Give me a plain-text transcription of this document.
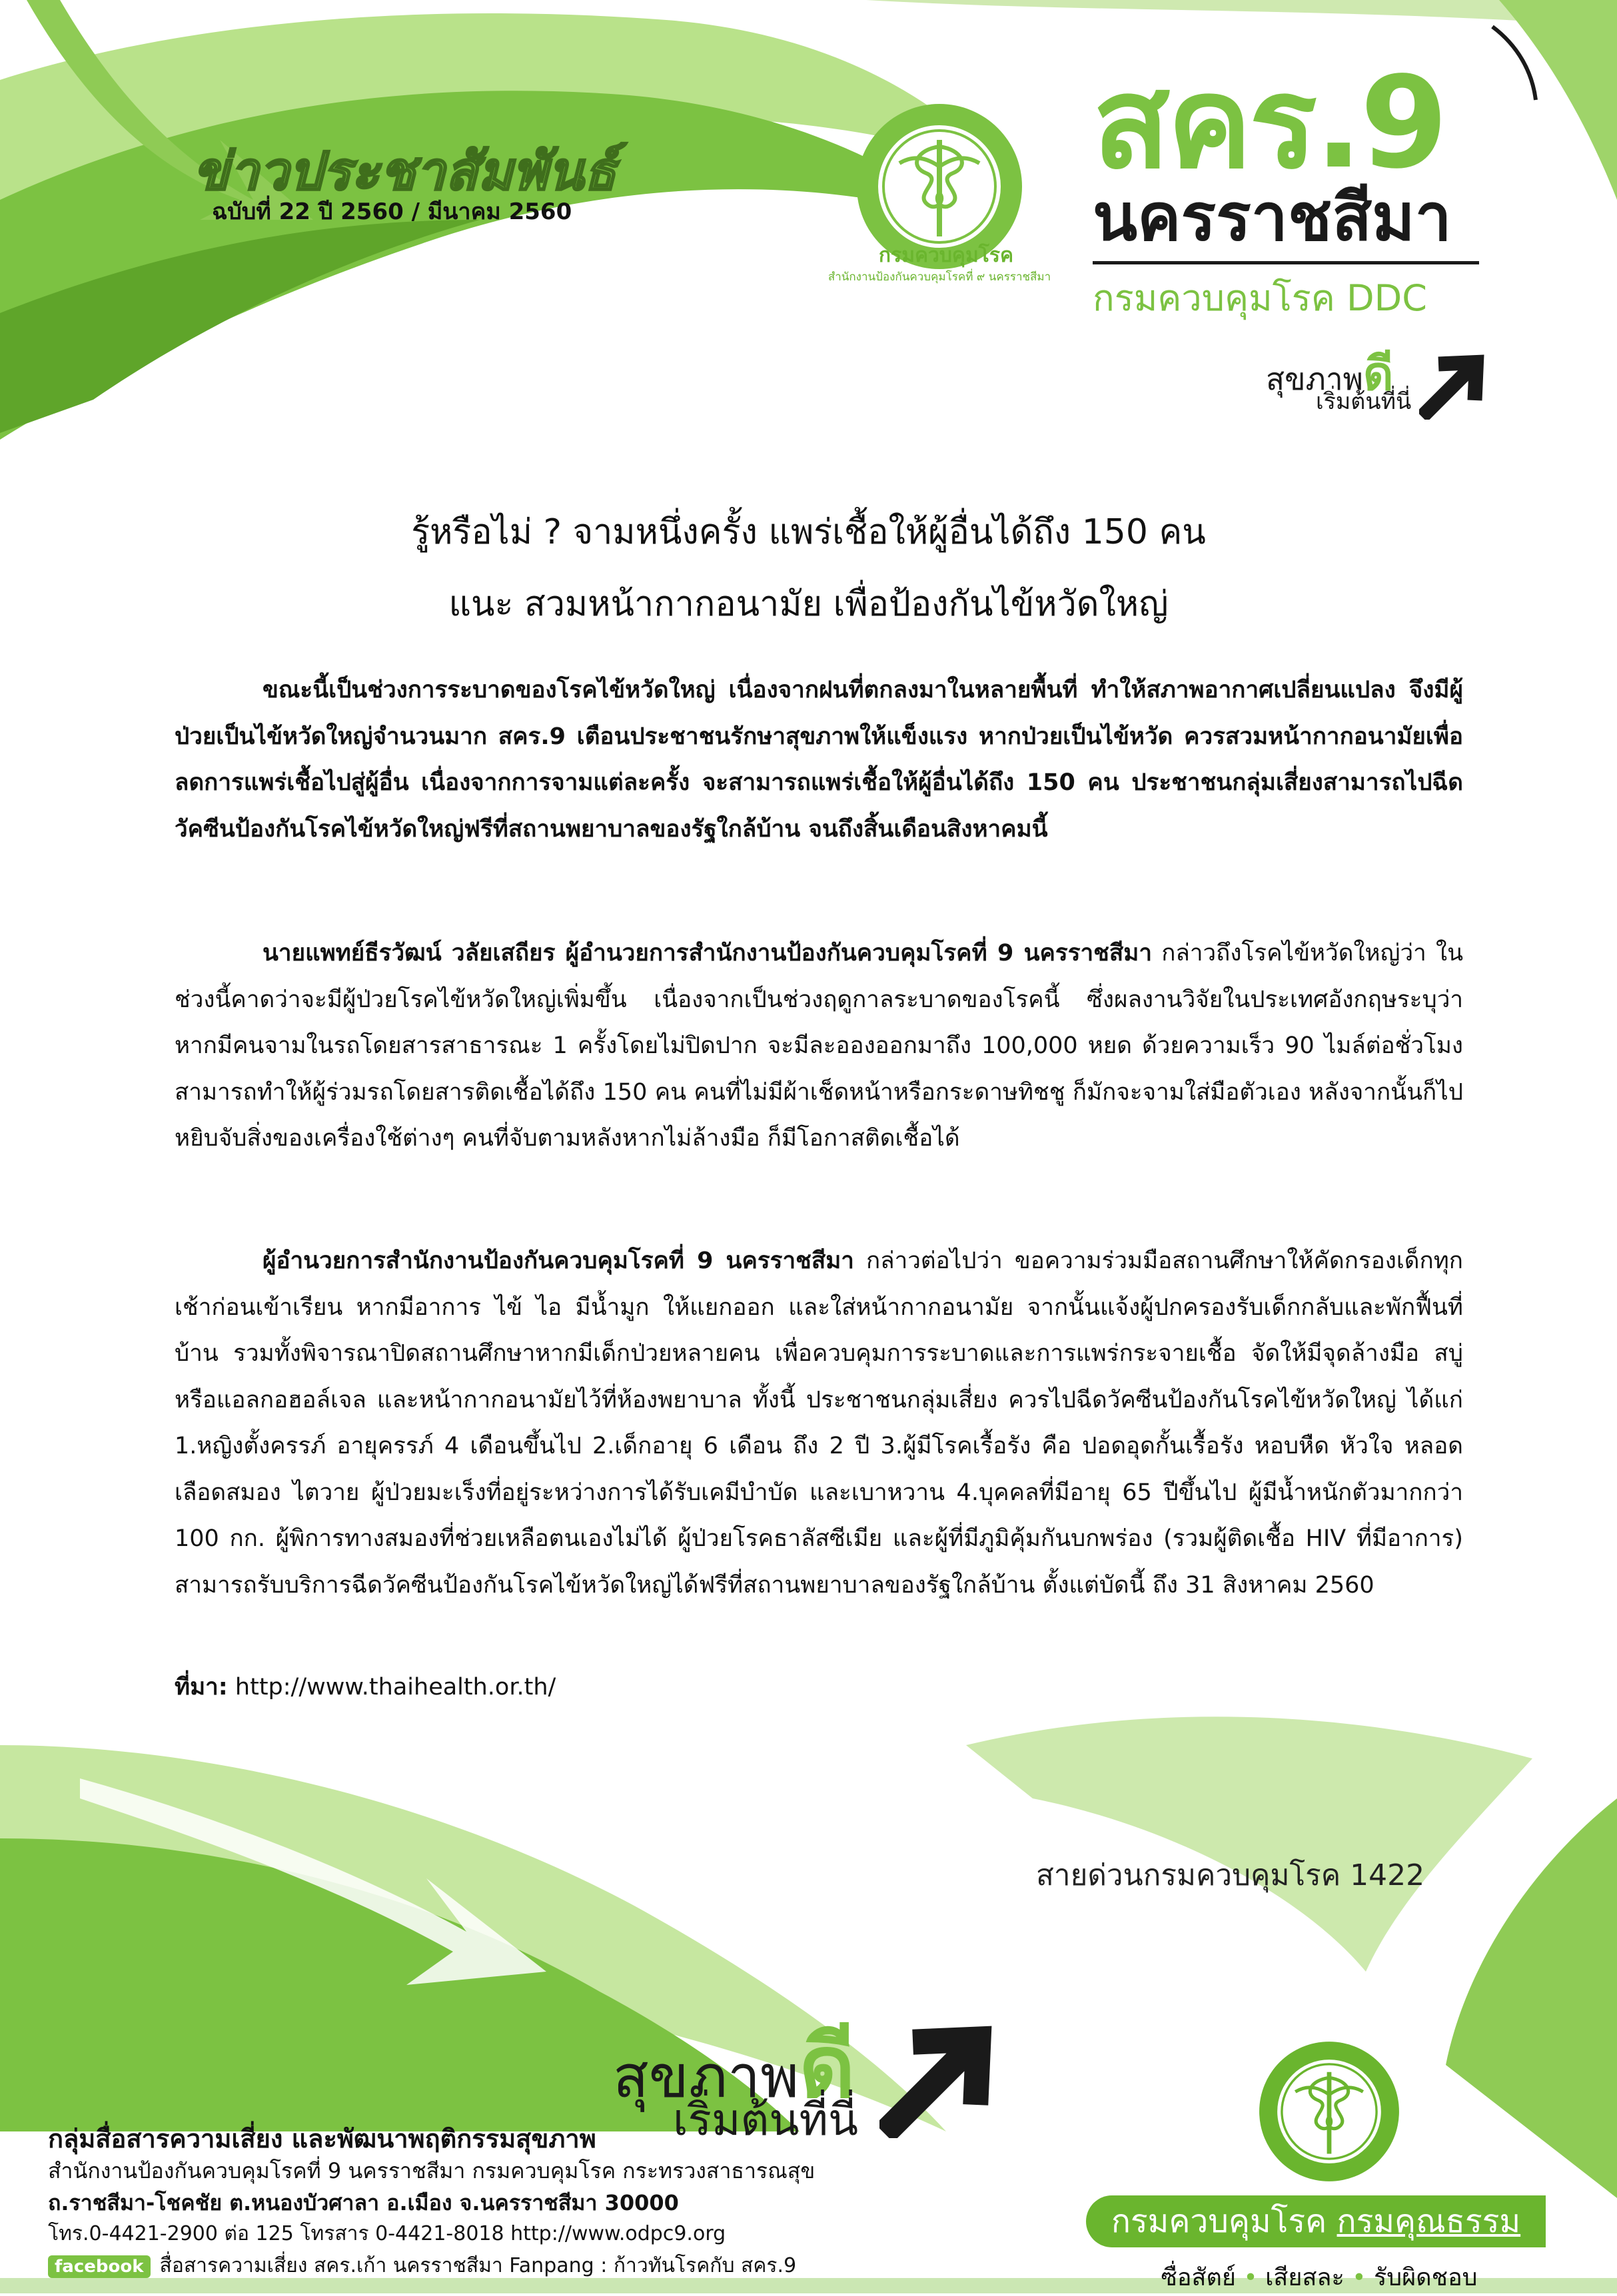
ข่าวประชาสัมพันธ์
ฉบับที่ 22 ปี 2560 / มีนาคม 2560
กรมควบคุมโรค
สำนักงานป้องกันควบคุมโรคที่ ๙ นครราชสีมา
สคร.9
นครราชสีมา
กรมควบคุมโรค DDC
สุขภาพดี
เริ่มต้นที่นี่
รู้หรือไม่ ? จามหนึ่งครั้ง แพร่เชื้อให้ผู้อื่นได้ถึง 150 คน
แนะ สวมหน้ากากอนามัย เพื่อป้องกันไข้หวัดใหญ่

ขณะนี้เป็นช่วงการระบาดของโรคไข้หวัดใหญ่ เนื่องจากฝนที่ตกลงมาในหลายพื้นที่ ทำให้สภาพอากาศเปลี่ยนแปลง จึงมีผู้ป่วยเป็นไข้หวัดใหญ่จำนวนมาก สคร.9 เตือนประชาชนรักษาสุขภาพให้แข็งแรง หากป่วยเป็นไข้หวัด ควรสวมหน้ากากอนามัยเพื่อลดการแพร่เชื้อไปสู่ผู้อื่น เนื่องจากการจามแต่ละครั้ง จะสามารถแพร่เชื้อให้ผู้อื่นได้ถึง 150 คน ประชาชนกลุ่มเสี่ยงสามารถไปฉีดวัคซีนป้องกันโรคไข้หวัดใหญ่ฟรีที่สถานพยาบาลของรัฐใกล้บ้าน จนถึงสิ้นเดือนสิงหาคมนี้

นายแพทย์ธีรวัฒน์ วลัยเสถียร ผู้อำนวยการสำนักงานป้องกันควบคุมโรคที่ 9 นครราชสีมา กล่าวถึงโรคไข้หวัดใหญ่ว่า ในช่วงนี้คาดว่าจะมีผู้ป่วยโรคไข้หวัดใหญ่เพิ่มขึ้น เนื่องจากเป็นช่วงฤดูกาลระบาดของโรคนี้ ซึ่งผลงานวิจัยในประเทศอังกฤษระบุว่า หากมีคนจามในรถโดยสารสาธารณะ 1 ครั้งโดยไม่ปิดปาก จะมีละอองออกมาถึง 100,000 หยด ด้วยความเร็ว 90 ไมล์ต่อชั่วโมง สามารถทำให้ผู้ร่วมรถโดยสารติดเชื้อได้ถึง 150 คน คนที่ไม่มีผ้าเช็ดหน้าหรือกระดาษทิชชู ก็มักจะจามใส่มือตัวเอง หลังจากนั้นก็ไปหยิบจับสิ่งของเครื่องใช้ต่างๆ คนที่จับตามหลังหากไม่ล้างมือ ก็มีโอกาสติดเชื้อได้

ผู้อำนวยการสำนักงานป้องกันควบคุมโรคที่ 9 นครราชสีมา กล่าวต่อไปว่า ขอความร่วมมือสถานศึกษาให้คัดกรองเด็กทุกเช้าก่อนเข้าเรียน หากมีอาการ ไข้ ไอ มีน้ำมูก ให้แยกออก และใส่หน้ากากอนามัย จากนั้นแจ้งผู้ปกครองรับเด็กกลับและพักฟื้นที่บ้าน รวมทั้งพิจารณาปิดสถานศึกษาหากมีเด็กป่วยหลายคน เพื่อควบคุมการระบาดและการแพร่กระจายเชื้อ จัดให้มีจุดล้างมือ สบู่หรือแอลกอฮอล์เจล และหน้ากากอนามัยไว้ที่ห้องพยาบาล ทั้งนี้ ประชาชนกลุ่มเสี่ยง ควรไปฉีดวัคซีนป้องกันโรคไข้หวัดใหญ่ ได้แก่ 1.หญิงตั้งครรภ์ อายุครรภ์ 4 เดือนขึ้นไป 2.เด็กอายุ 6 เดือน ถึง 2 ปี 3.ผู้มีโรคเรื้อรัง คือ ปอดอุดกั้นเรื้อรัง หอบหืด หัวใจ หลอดเลือดสมอง ไตวาย ผู้ป่วยมะเร็งที่อยู่ระหว่างการได้รับเคมีบำบัด และเบาหวาน 4.บุคคลที่มีอายุ 65 ปีขึ้นไป ผู้มีน้ำหนักตัวมากกว่า 100 กก. ผู้พิการทางสมองที่ช่วยเหลือตนเองไม่ได้ ผู้ป่วยโรคธาลัสซีเมีย และผู้ที่มีภูมิคุ้มกันบกพร่อง (รวมผู้ติดเชื้อ HIV ที่มีอาการ) สามารถรับบริการฉีดวัคซีนป้องกันโรคไข้หวัดใหญ่ได้ฟรีที่สถานพยาบาลของรัฐใกล้บ้าน ตั้งแต่บัดนี้ ถึง 31 สิงหาคม 2560

ที่มา: http://www.thaihealth.or.th/
สายด่วนกรมควบคุมโรค 1422
สุขภาพดี
เริ่มต้นที่นี่
กลุ่มสื่อสารความเสี่ยง และพัฒนาพฤติกรรมสุขภาพ
สำนักงานป้องกันควบคุมโรคที่ 9 นครราชสีมา กรมควบคุมโรค กระทรวงสาธารณสุข
ถ.ราชสีมา-โชคชัย ต.หนองบัวศาลา อ.เมือง จ.นครราชสีมา 30000
โทร.0-4421-2900 ต่อ 125 โทรสาร 0-4421-8018 http://www.odpc9.org
facebook สื่อสารความเสี่ยง สคร.เก้า นครราชสีมา Fanpang : ก้าวทันโรคกับ สคร.9
กรมควบคุมโรค กรมคุณธรรม
ซื่อสัตย์ • เสียสละ • รับผิดชอบ
